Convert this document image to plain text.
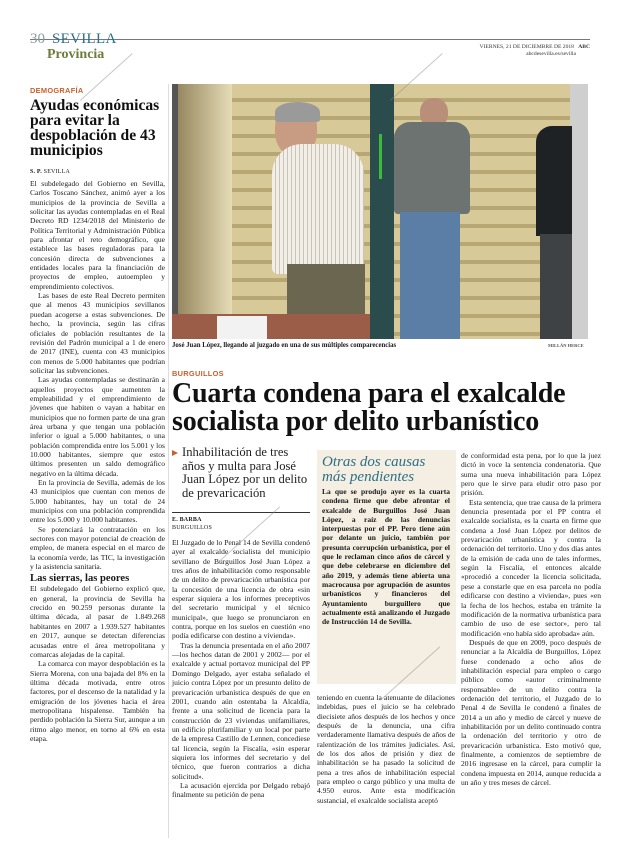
30 SEVILLA
Provincia	VIERNES, 21 DE DICIEMBRE DE 2018 ABC
abcdesevilla.es/sevilla
DEMOGRAFÍA
Ayudas económicas para evitar la despoblación de 43 municipios
S. P. SEVILLA

El subdelegado del Gobierno en Sevilla, Carlos Toscano Sánchez, animó ayer a los municipios de la provincia de Sevilla a solicitar las ayudas contempladas en el Real Decreto RD 1234/2018 del Ministerio de Política Territorial y Administración Pública para afrontar el reto demográfico, que establece las bases reguladoras para la concesión directa de subvenciones a entidades locales para la financiación de proyectos de empleo, autoempleo y emprendimiento colectivos.

Las bases de este Real Decreto permiten que al menos 43 municipios sevillanos puedan acogerse a estas subvenciones. De hecho, la provincia, según las cifras oficiales de población resultantes de la revisión del Padrón municipal a 1 de enero de 2017 (INE), cuenta con 43 municipios con menos de 5.000 habitantes que podrían solicitar las subvenciones.

Las ayudas contempladas se destinarán a aquellos proyectos que aumenten la empleabilidad y el emprendimiento de jóvenes que habiten o vayan a habitar en municipios que no formen parte de una gran área urbana y que tengan una población inferior o igual a 5.000 habitantes, o una población comprendida entre los 5.001 y los 10.000 habitantes, siempre que estos últimos presenten un saldo demográfico negativo en la última década.

En la provincia de Sevilla, además de los 43 municipios que cuentan con menos de 5.000 habitantes, hay un total de 24 municipios con una población comprendida entre los 5.000 y 10.000 habitantes.

Se potenciará la contratación en los sectores con mayor potencial de creación de empleo, de manera especial en el marco de la economía verde, las TIC, la investigación y la asistencia sanitaria.

Las sierras, las peores

El subdelegado del Gobierno explicó que, en general, la provincia de Sevilla ha crecido en 90.259 personas durante la última década, al pasar de 1.849.268 habitantes en 2007 a 1.939.527 habitantes en 2017, aunque se detectan diferencias acusadas entre el área metropolitana y comarcas alejadas de la capital.

La comarca con mayor despoblación es la Sierra Morena, con una bajada del 8% en la última década motivada, entre otros factores, por el descenso de la natalidad y la emigración de los jóvenes hacia el área metropolitana hispalense. También ha perdido población la Sierra Sur, aunque a un ritmo algo menor, en torno al 6% en esta etapa.

José Juan López, llegando al juzgado en una de sus múltiples comparecencias	MILLÁN HERCE
BURGUILLOS
Cuarta condena para el exalcalde socialista por delito urbanístico
Inhabilitación de tres años y multa para José Juan López por un delito de prevaricación
E. BARBA
BURGUILLOS

El Juzgado de lo Penal 14 de Sevilla condenó ayer al exalcalde socialista del municipio sevillano de Burguillos José Juan López a tres años de inhabilitación como responsable de un delito de prevaricación urbanística por la concesión de una licencia de obra «sin esperar siquiera a los informes preceptivos del secretario municipal y el técnico municipal», que luego se pronunciaron en contra, porque en los suelos en cuestión «no podía edificarse con destino a vivienda».

Tras la denuncia presentada en el año 2007 —los hechos datan de 2001 y 2002— por el exalcalde y actual portavoz municipal del PP Domingo Delgado, ayer estaba señalado el juicio contra López por un presunto delito de prevaricación urbanística después de que en 2001, cuando aún ostentaba la Alcaldía, frente a una solicitud de licencia para la construcción de 23 viviendas unifamiliares, un edificio plurifamiliar y un local por parte de la empresa Castillo de Lennen, concediese tal licencia, según la Fiscalía, «sin esperar siquiera los informes del secretario y del técnico, que fueron contrarios a dicha solicitud».

La acusación ejercida por Delgado rebajó finalmente su petición de pena

Otras dos causas
más pendientes
La que se produjo ayer es la cuarta condena firme que debe afrontar el exalcalde de Burguillos José Juan López, a raíz de las denuncias interpuestas por el PP. Pero tiene aún por delante un juicio, también por presunta corrupción urbanística, por el que le reclaman cinco años de cárcel y que debe celebrarse en diciembre del año 2019, y además tiene abierta una macrocausa por agrupación de asuntos urbanísticos y financieros del Ayuntamiento burguillero que actualmente está analizando el Juzgado de Instrucción 14 de Sevilla.

teniendo en cuenta la atenuante de dilaciones indebidas, pues el juicio se ha celebrado diecisiete años después de los hechos y once después de la denuncia, una cifra verdaderamente llamativa después de años de ralentización de los trámites judiciales. Así, de los dos años de prisión y diez de inhabilitación se ha pasado la solicitud de pena a tres años de inhabilitación especial para empleo o cargo público y una multa de 4.950 euros. Ante esta modificación sustancial, el exalcalde socialista aceptó

de conformidad esta pena, por lo que la juez dictó in voce la sentencia condenatoria. Que suma una nueva inhabilitación para López pero que le sirve para eludir otro paso por prisión.

Esta sentencia, que trae causa de la primera denuncia presentada por el PP contra el exalcalde socialista, es la cuarta en firme que condena a José Juan López por delitos de prevaricación urbanística y contra la ordenación del territorio. Uno y dos días antes de la emisión de cada uno de tales informes, según la Fiscalía, el entonces alcalde «procedió a conceder la licencia solicitada, pese a constarle que en esa parcela no podía edificarse con destino a vivienda», pues «en la fecha de los hechos, estaba en trámite la modificación de la normativa urbanística para cambio de uso de ese sector», pero tal modificación «no había sido aprobada» aún.

Después de que en 2009, poco después de renunciar a la Alcaldía de Burguillos, López fuese condenado a ocho años de inhabilitación especial para empleo o cargo público como «autor criminalmente responsable» de un delito contra la ordenación del territorio, el Juzgado de lo Penal 4 de Sevilla le condenó a finales de 2014 a un año y medio de cárcel y nueve de inhabilitación por un delito continuado contra la ordenación del territorio y otro de prevaricación urbanística. Esto motivó que, finalmente, a comienzos de septiembre de 2016 ingresase en la cárcel, para cumplir la condena impuesta en 2014, aunque reducida a un año y tres meses de cárcel.
